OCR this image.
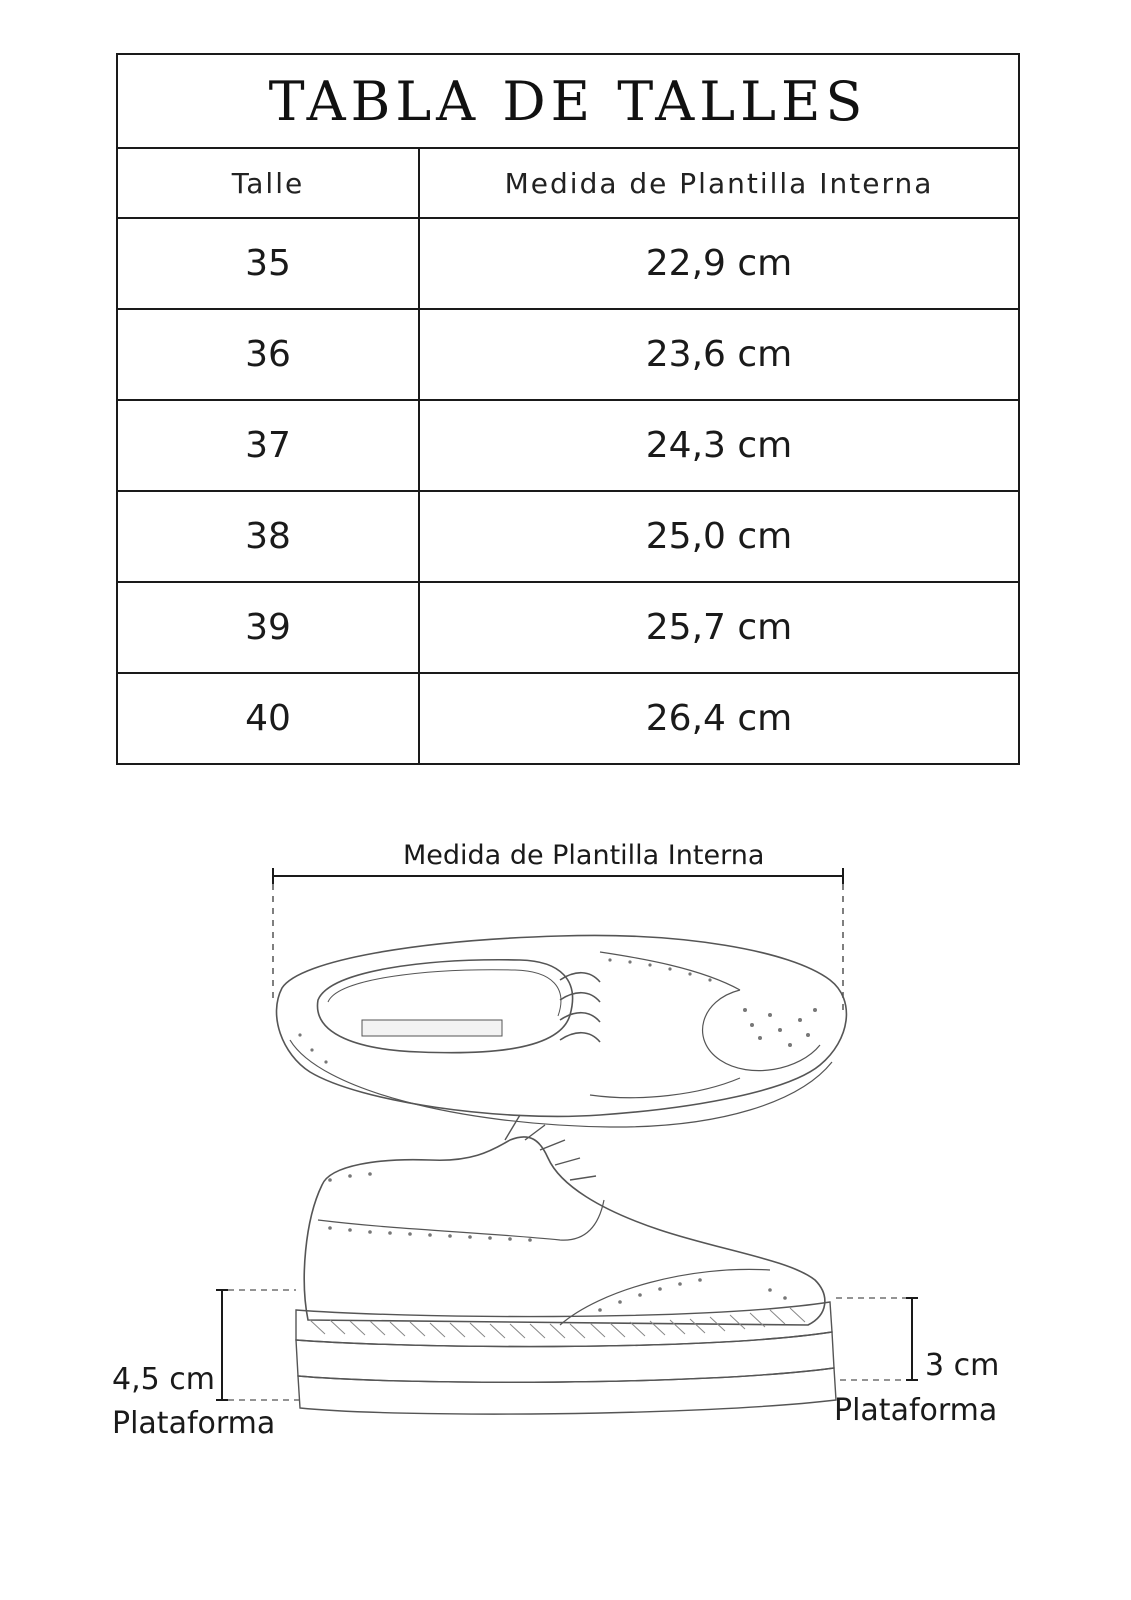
TABLA DE TALLES	
Talle	Medida de Plantilla Interna
35	22,9 cm
36	23,6 cm
37	24,3 cm
38	25,0 cm
39	25,7 cm
40	26,4 cm
Medida de Plantilla Interna
4,5 cm
Plataforma
3 cm
Plataforma
